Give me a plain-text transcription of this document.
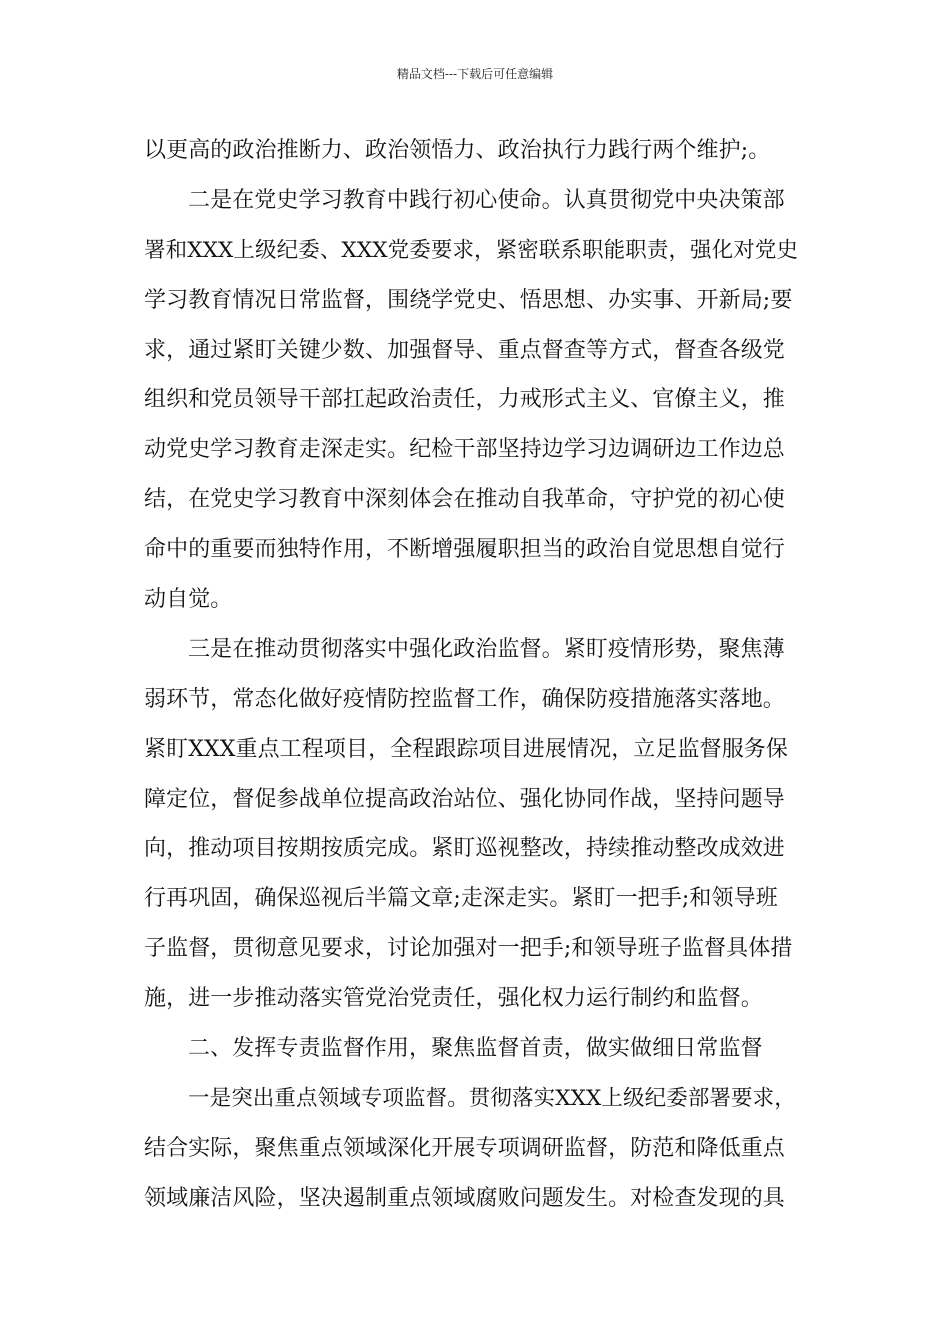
精品文档---下载后可任意编辑
以更高的政治推断力、政治领悟力、政治执行力践行两个维护;。
二是在党史学习教育中践行初心使命。认真贯彻党中央决策部
署和XXX上级纪委、XXX党委要求，紧密联系职能职责，强化对党史
学习教育情况日常监督，围绕学党史、悟思想、办实事、开新局;要
求，通过紧盯关键少数、加强督导、重点督查等方式，督查各级党
组织和党员领导干部扛起政治责任，力戒形式主义、官僚主义，推
动党史学习教育走深走实。纪检干部坚持边学习边调研边工作边总
结，在党史学习教育中深刻体会在推动自我革命，守护党的初心使
命中的重要而独特作用，不断增强履职担当的政治自觉思想自觉行
动自觉。
三是在推动贯彻落实中强化政治监督。紧盯疫情形势，聚焦薄
弱环节，常态化做好疫情防控监督工作，确保防疫措施落实落地。
紧盯XXX重点工程项目，全程跟踪项目进展情况，立足监督服务保
障定位，督促参战单位提高政治站位、强化协同作战，坚持问题导
向，推动项目按期按质完成。紧盯巡视整改，持续推动整改成效进
行再巩固，确保巡视后半篇文章;走深走实。紧盯一把手;和领导班
子监督，贯彻意见要求，讨论加强对一把手;和领导班子监督具体措
施，进一步推动落实管党治党责任，强化权力运行制约和监督。
二、发挥专责监督作用，聚焦监督首责，做实做细日常监督
一是突出重点领域专项监督。贯彻落实XXX上级纪委部署要求，
结合实际，聚焦重点领域深化开展专项调研监督，防范和降低重点
领域廉洁风险，坚决遏制重点领域腐败问题发生。对检查发现的具
